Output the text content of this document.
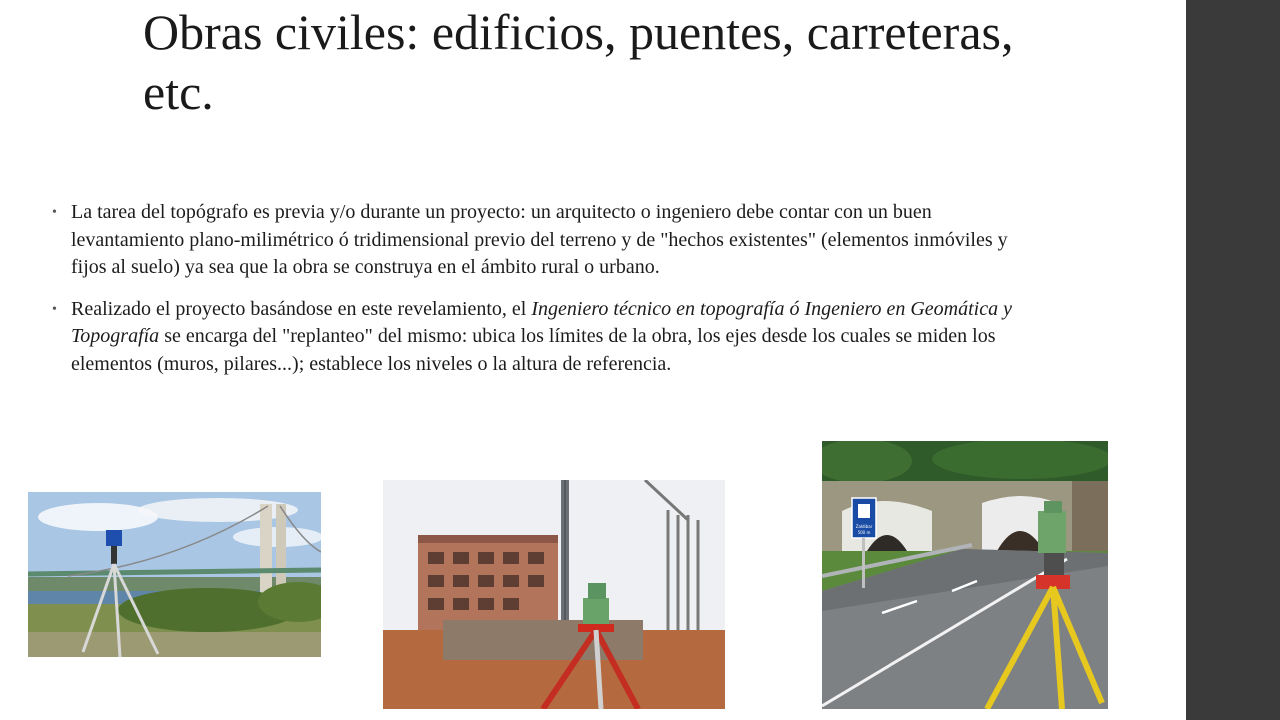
Obras civiles: edificios, puentes, carreteras, etc.
• La tarea del topógrafo es previa y/o durante un proyecto: un arquitecto o ingeniero debe contar con un buen levantamiento plano-milimétrico ó tridimensional previo del terreno y de "hechos existentes" (elementos inmóviles y fijos al suelo) ya sea que la obra se construya en el ámbito rural o urbano.
• Realizado el proyecto basándose en este revelamiento, el Ingeniero técnico en topografía ó Ingeniero en Geomática y Topografía se encarga del "replanteo" del mismo: ubica los límites de la obra, los ejes desde los cuales se miden los elementos (muros, pilares...); establece los niveles o la altura de referencia.
Zaldibar
500 m
